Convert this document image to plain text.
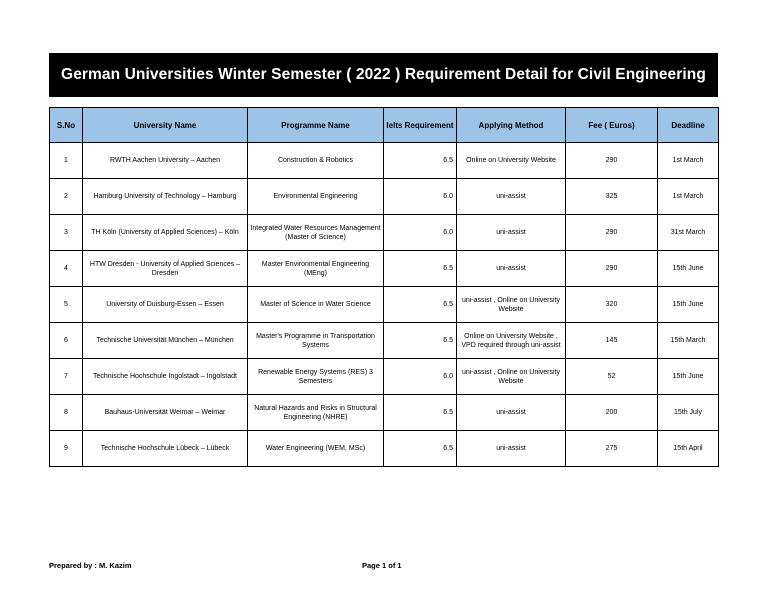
German Universities Winter Semester ( 2022 ) Requirement Detail for Civil Engineering
S.No	University Name	Programme Name	Ielts Requirement	Applying Method	Fee ( Euros)	Deadline
1	RWTH Aachen University – Aachen	Construction & Robotics	6.5	Online on University Website	290	1st March
2	Hamburg University of Technology – Hamburg	Environmental Engineering	6.0	uni-assist	325	1st March
3	TH Köln (University of Applied Sciences) – Köln	Integrated Water Resources Management (Master of Science)	6.0	uni-assist	290	31st March
4	HTW Dresden - University of Applied Sciences – Dresden	Master Environmental Engineering (MEng)	6.5	uni-assist	290	15th June
5	University of Duisburg-Essen – Essen	Master of Science in Water Science	6.5	uni-assist , Online on University Website	320	15th June
6	Technische Universität München – München	Master's Programme in Transportation Systems	6.5	Online on University Website , VPD required through uni-assist	145	15th March
7	Technische Hochschule Ingolstadt – Ingolstadt	Renewable Energy Systems (RES) 3 Semesters	6.0	uni-assist , Online on University Website	52	15th June
8	Bauhaus-Universität Weimar – Weimar	Natural Hazards and Risks in Structural Engineering (NHRE)	6.5	uni-assist	200	15th July
9	Technische Hochschule Lübeck – Lübeck	Water Engineering (WEM, MSc)	6.5	uni-assist	275	15th April
Prepared by : M. Kazim	Page 1 of 1
